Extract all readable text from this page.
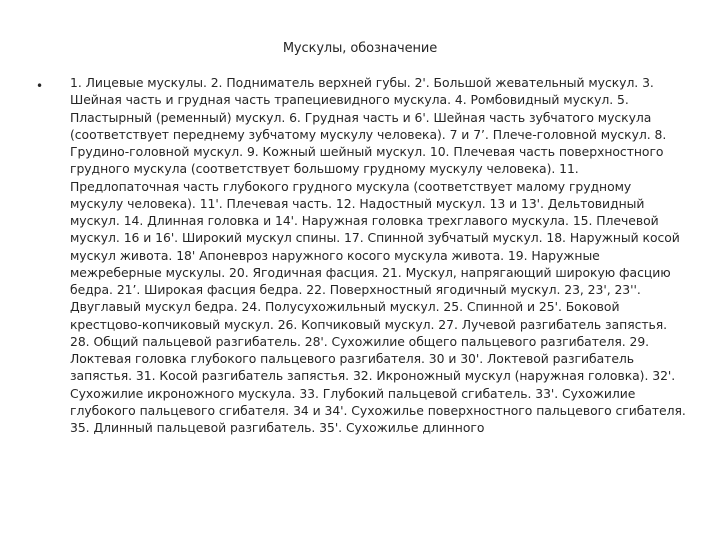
Мускулы, обозначение
• 1. Лицевые мускулы. 2. Подниматель верхней губы. 2'. Большой жевательный мускул. 3. Шейная часть и грудная часть трапециевидного мускула. 4. Ромбовидный мускул. 5. Пластырный (ременный) мускул. 6. Грудная часть и 6'. Шейная часть зубчатого мускула (соответствует переднему зубчатому мускулу человека). 7 и 7’. Плече-головной мускул. 8. Грудино-головной мускул. 9. Кожный шейный мускул. 10. Плечевая часть поверхностного грудного мускула (соответствует большому грудному мускулу человека). 11. Предлопаточная часть глубокого грудного мускула (соответствует малому грудному мускулу человека). 11'. Плечевая часть. 12. Надостный мускул. 13 и 13'. Дельтовидный мускул. 14. Длинная головка и 14'. Наружная головка трехглавого мускула. 15. Плечевой мускул. 16 и 16'. Широкий мускул спины. 17. Спинной зубчатый мускул. 18. Наружный косой мускул живота. 18' Апоневроз наружного косого мускула живота. 19. Наружные межреберные мускулы. 20. Ягодичная фасция. 21. Мускул, напрягающий широкую фасцию бедра. 21’. Широкая фасция бедра. 22. Поверхностный ягодичный мускул. 23, 23', 23''. Двуглавый мускул бедра. 24. Полусухожильный мускул. 25. Спинной и 25'. Боковой крестцово-копчиковый мускул. 26. Копчиковый мускул. 27. Лучевой разгибатель запястья. 28. Общий пальцевой разгибатель. 28'. Сухожилие общего пальцевого разгибателя. 29. Локтевая головка глубокого пальцевого разгибателя. 30 и 30'. Локтевой разгибатель запястья. 31. Косой разгибатель запястья. 32. Икроножный мускул (наружная головка). 32'. Сухожилие икроножного мускула. 33. Глубокий пальцевой сгибатель. 33'. Сухожилие глубокого пальцевого сгибателя. 34 и 34'. Сухожилье поверхностного пальцевого сгибателя. 35. Длинный пальцевой разгибатель. 35'. Сухожилье длинного
